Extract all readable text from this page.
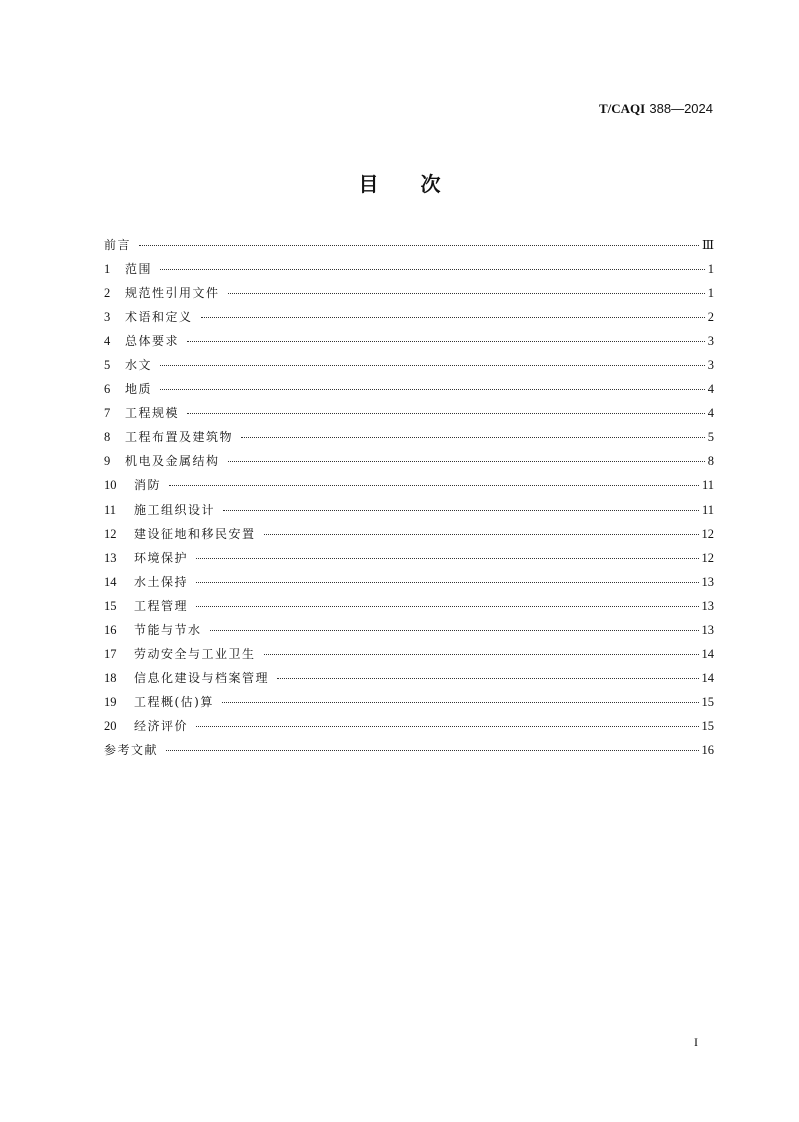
T/CAQI 388—2024
目 次
前言	Ⅲ
1	范围	1
2	规范性引用文件	1
3	术语和定义	2
4	总体要求	3
5	水文	3
6	地质	4
7	工程规模	4
8	工程布置及建筑物	5
9	机电及金属结构	8
10	消防	11
11	施工组织设计	11
12	建设征地和移民安置	12
13	环境保护	12
14	水土保持	13
15	工程管理	13
16	节能与节水	13
17	劳动安全与工业卫生	14
18	信息化建设与档案管理	14
19	工程概(估)算	15
20	经济评价	15
参考文献	16
I
